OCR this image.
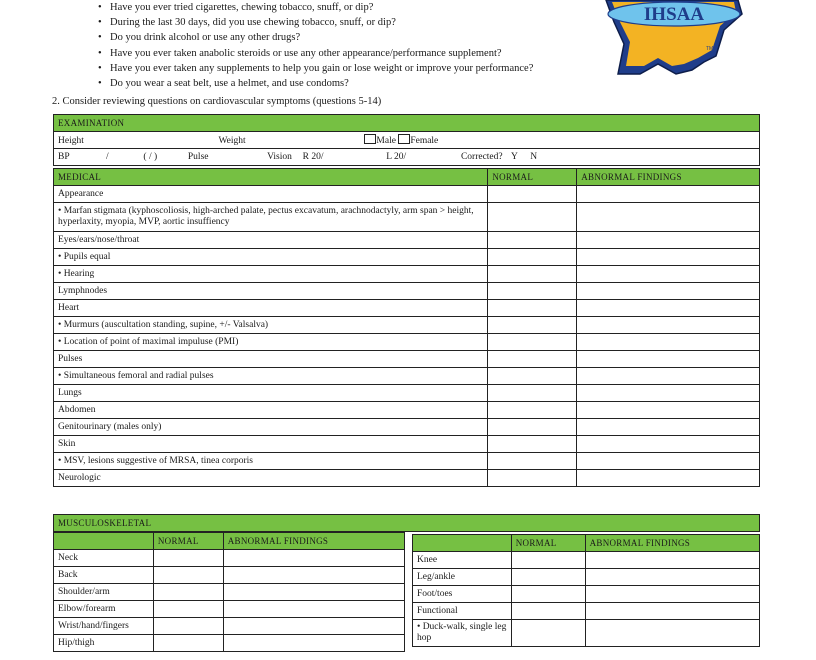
• Have you ever tried cigarettes, chewing tobacco, snuff, or dip?
• During the last 30 days, did you use chewing tobacco, snuff, or dip?
• Do you drink alcohol or use any other drugs?
• Have you ever taken anabolic steroids or use any other appearance/performance supplement?
• Have you ever taken any supplements to help you gain or lose weight or improve your performance?
• Do you wear a seat belt, use a helmet, and use condoms?
2. Consider reviewing questions on cardiovascular symptoms (questions 5-14)
IHSAA
TM
EXAMINATION
Height	Weight	Male Female
BP	/	( / )	Pulse	Vision R 20/	L 20/	Corrected? Y N
MEDICAL	NORMAL	ABNORMAL FINDINGS
Appearance		
• Marfan stigmata (kyphoscoliosis, high-arched palate, pectus excavatum, arachnodactyly, arm span > height, hyperlaxity, myopia, MVP, aortic insuffiency		
Eyes/ears/nose/throat		
• Pupils equal		
• Hearing		
Lymphnodes		
Heart		
• Murmurs (auscultation standing, supine, +/- Valsalva)		
• Location of point of maximal impuluse (PMI)		
Pulses		
• Simultaneous femoral and radial pulses		
Lungs		
Abdomen		
Genitourinary (males only)		
Skin		
• MSV, lesions suggestive of MRSA, tinea corporis		
Neurologic		
MUSCULOSKELETAL
	NORMAL	ABNORMAL FINDINGS
Neck		
Back		
Shoulder/arm		
Elbow/forearm		
Wrist/hand/fingers		
Hip/thigh		
	NORMAL	ABNORMAL FINDINGS
Knee		
Leg/ankle		
Foot/toes		
Functional		
• Duck-walk, single leg hop		
